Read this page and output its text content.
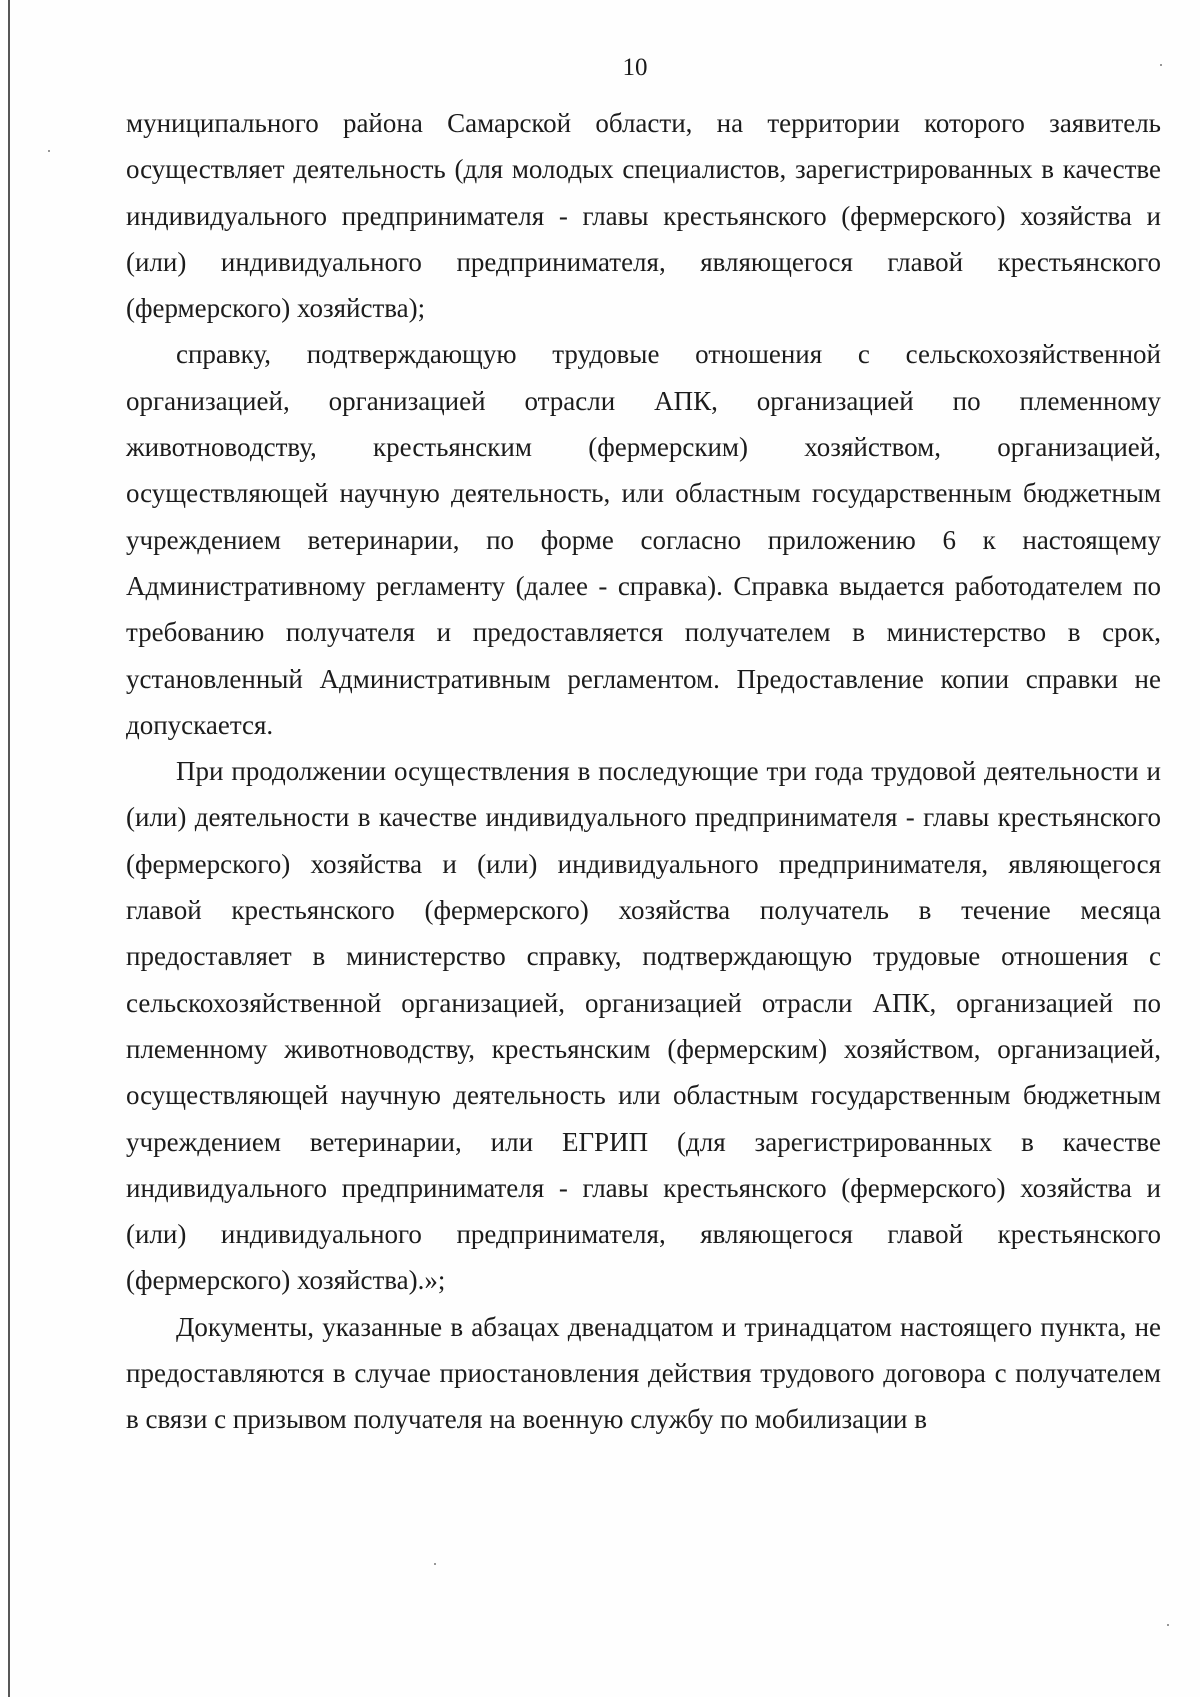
10

муниципального района Самарской области, на территории которого заявитель осуществляет деятельность (для молодых специалистов, зарегистрированных в качестве индивидуального предпринимателя - главы крестьянского (фермерского) хозяйства и (или) индивидуального предпринимателя, являющегося главой крестьянского (фермерского) хозяйства);

справку, подтверждающую трудовые отношения с сельскохозяйственной организацией, организацией отрасли АПК, организацией по племенному животноводству, крестьянским (фермерским) хозяйством, организацией, осуществляющей научную деятельность, или областным государственным бюджетным учреждением ветеринарии, по форме согласно приложению 6 к настоящему Административному регламенту (далее - справка). Справка выдается работодателем по требованию получателя и предоставляется получателем в министерство в срок, установленный Административным регламентом. Предоставление копии справки не допускается.

При продолжении осуществления в последующие три года трудовой деятельности и (или) деятельности в качестве индивидуального предпринимателя - главы крестьянского (фермерского) хозяйства и (или) индивидуального предпринимателя, являющегося главой крестьянского (фермерского) хозяйства получатель в течение месяца предоставляет в министерство справку, подтверждающую трудовые отношения с сельскохозяйственной организацией, организацией отрасли АПК, организацией по племенному животноводству, крестьянским (фермерским) хозяйством, организацией, осуществляющей научную деятельность или областным государственным бюджетным учреждением ветеринарии, или ЕГРИП (для зарегистрированных в качестве индивидуального предпринимателя - главы крестьянского (фермерского) хозяйства и (или) индивидуального предпринимателя, являющегося главой крестьянского (фермерского) хозяйства).»;

Документы, указанные в абзацах двенадцатом и тринадцатом настоящего пункта, не предоставляются в случае приостановления действия трудового договора с получателем в связи с призывом получателя на военную службу по мобилизации в
